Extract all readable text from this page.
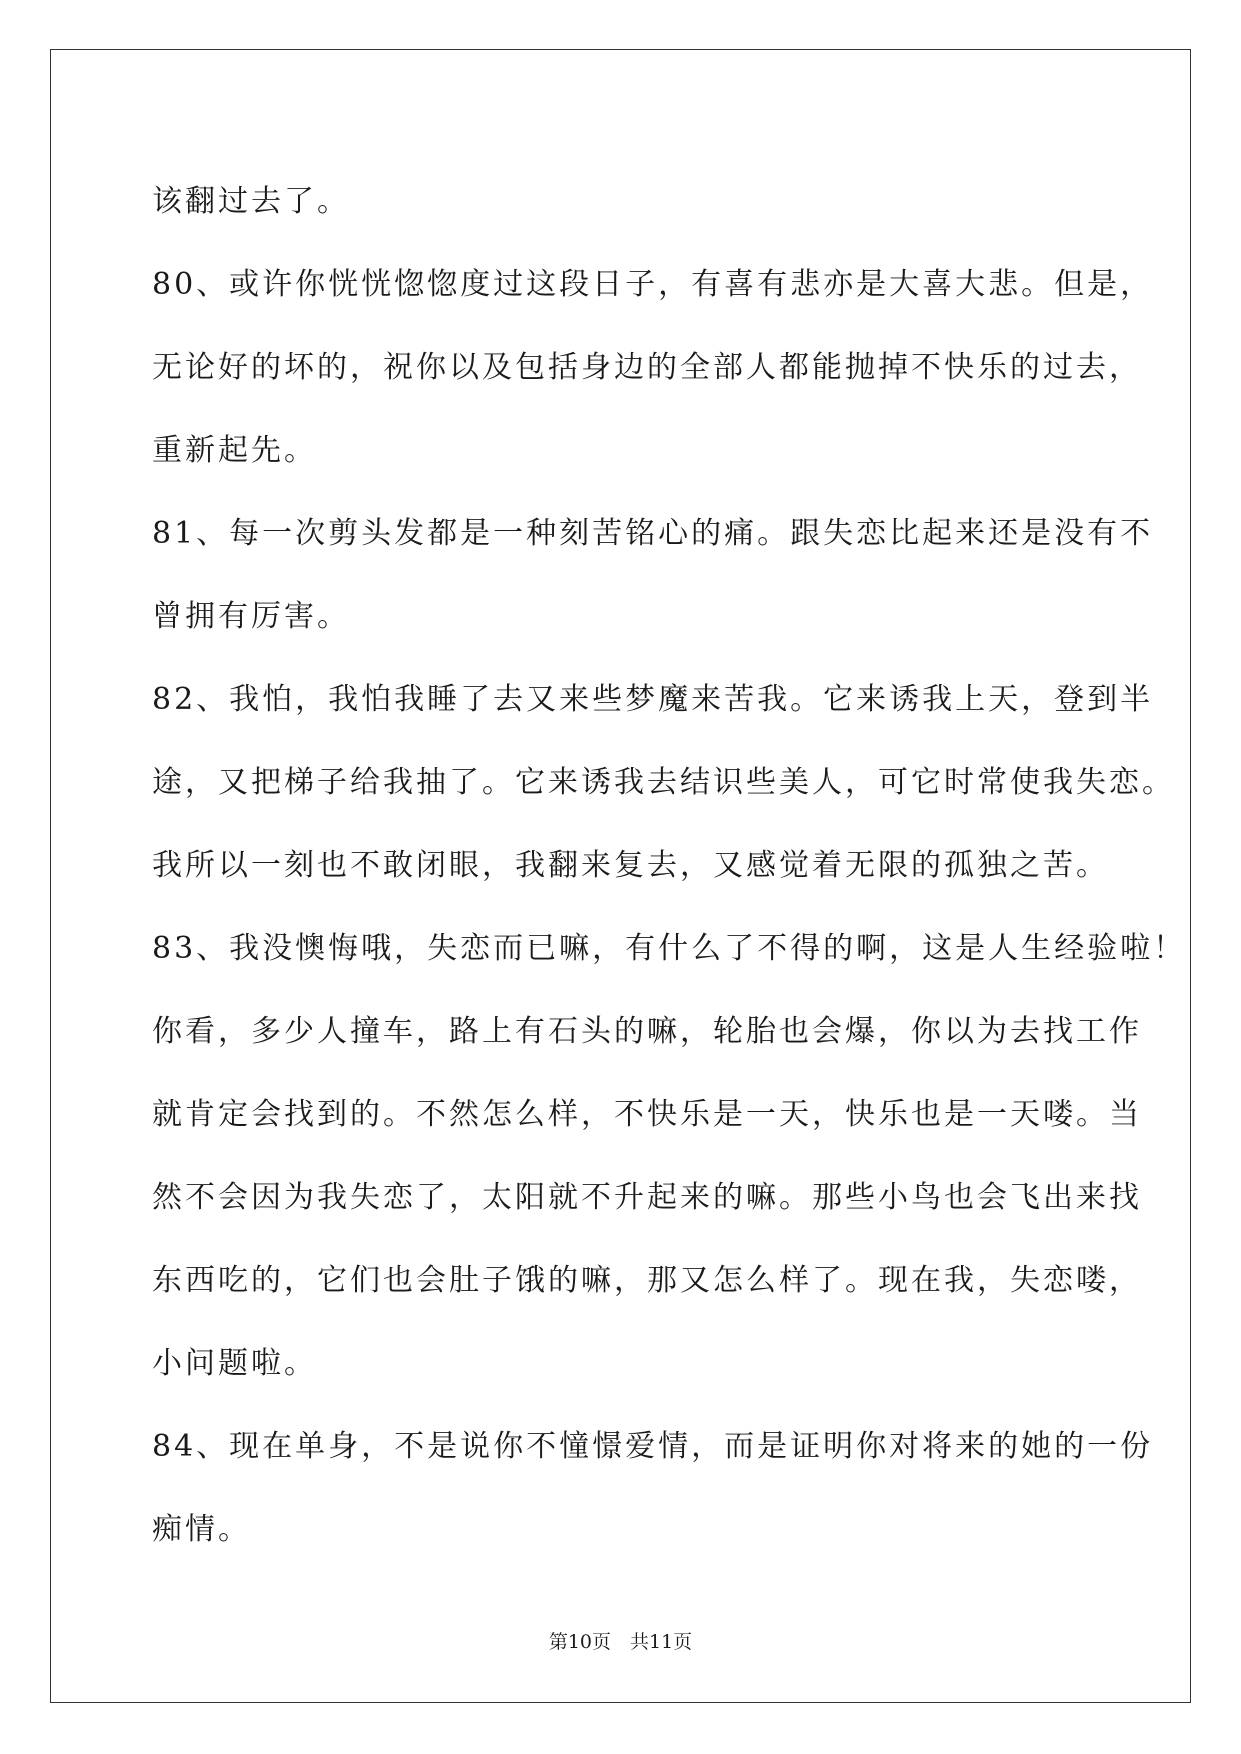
该翻过去了。
80、或许你恍恍惚惚度过这段日子，有喜有悲亦是大喜大悲。但是，
无论好的坏的，祝你以及包括身边的全部人都能抛掉不快乐的过去，
重新起先。
81、每一次剪头发都是一种刻苦铭心的痛。跟失恋比起来还是没有不
曾拥有厉害。
82、我怕，我怕我睡了去又来些梦魔来苦我。它来诱我上天，登到半
途，又把梯子给我抽了。它来诱我去结识些美人，可它时常使我失恋。
我所以一刻也不敢闭眼，我翻来复去，又感觉着无限的孤独之苦。
83、我没懊悔哦，失恋而已嘛，有什么了不得的啊，这是人生经验啦！
你看，多少人撞车，路上有石头的嘛，轮胎也会爆，你以为去找工作
就肯定会找到的。不然怎么样，不快乐是一天，快乐也是一天喽。当
然不会因为我失恋了，太阳就不升起来的嘛。那些小鸟也会飞出来找
东西吃的，它们也会肚子饿的嘛，那又怎么样了。现在我，失恋喽，
小问题啦。
84、现在单身，不是说你不憧憬爱情，而是证明你对将来的她的一份
痴情。
第10页　共11页
